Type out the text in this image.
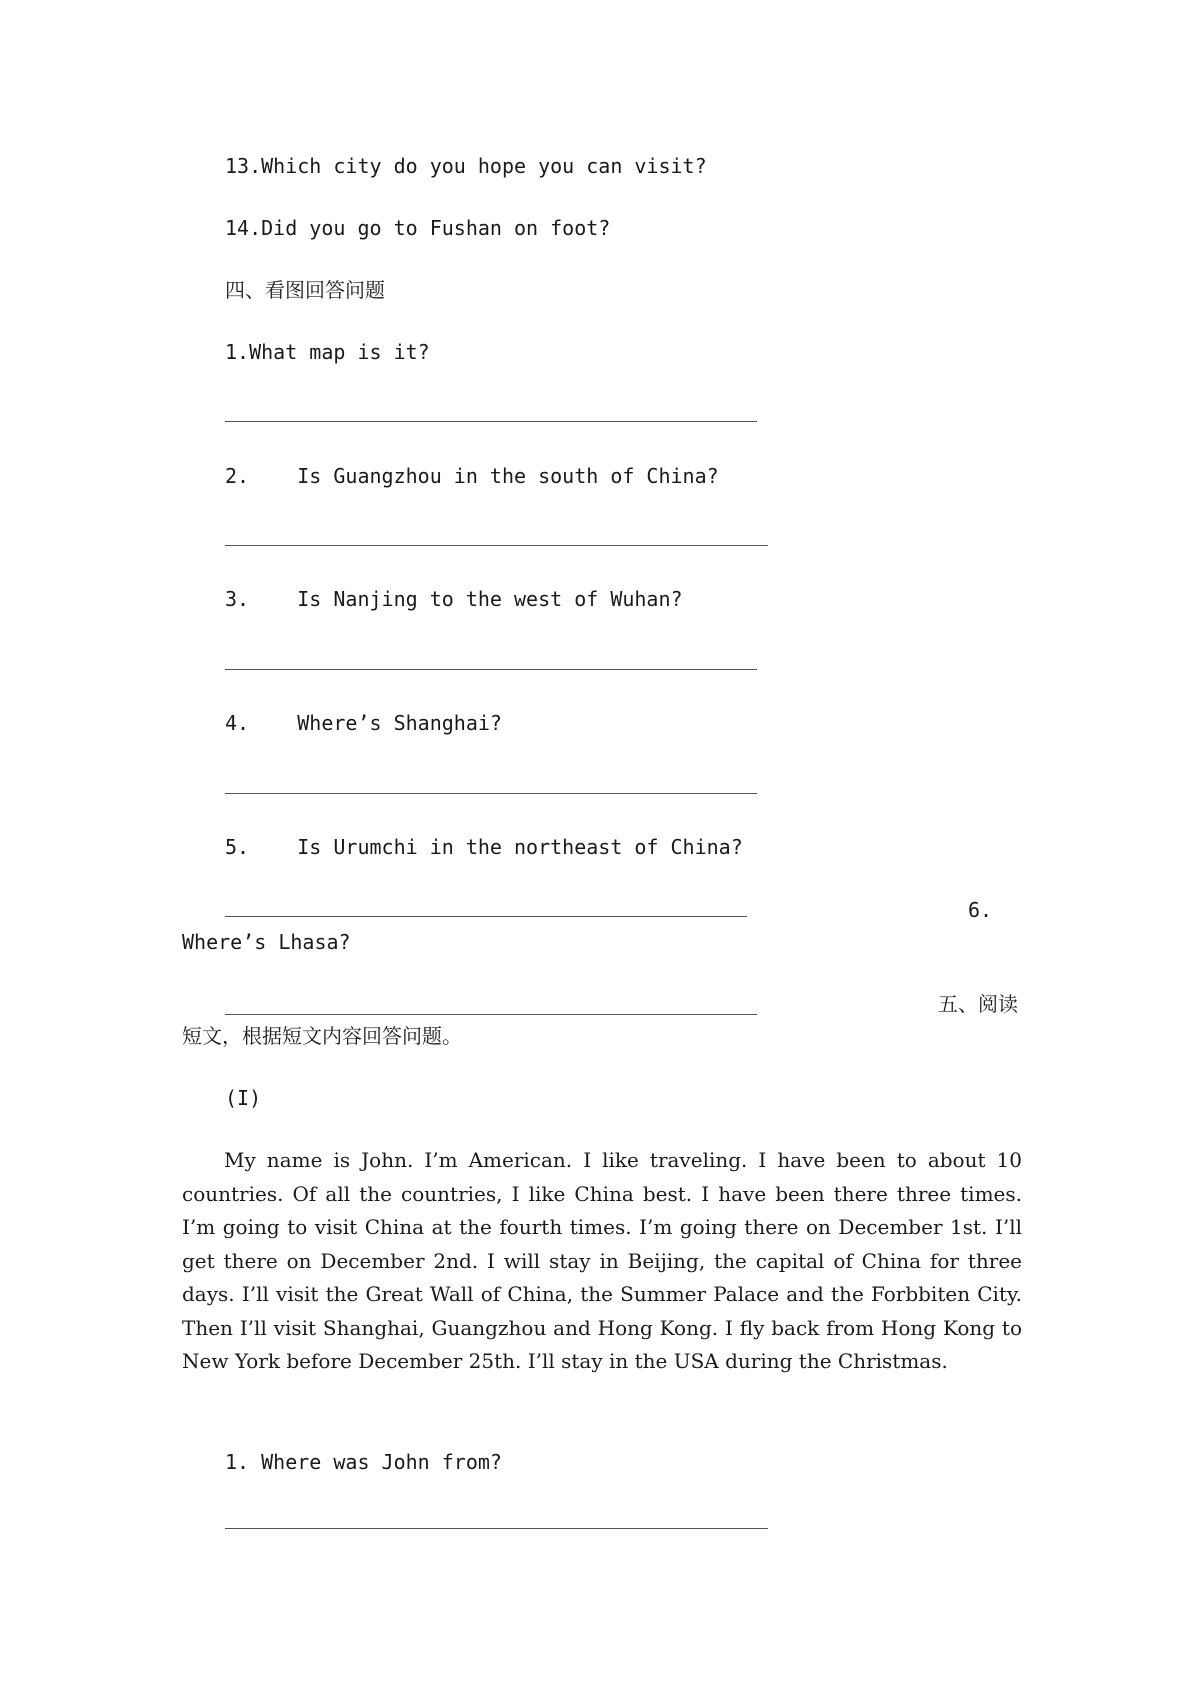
13.Which city do you hope you can visit?
14.Did you go to Fushan on foot?
四、看图回答问题
1.What map is it?
2.    Is Guangzhou in the south of China?
3.    Is Nanjing to the west of Wuhan?
4.    Where’s Shanghai?
5.    Is Urumchi in the northeast of China?
6.
Where’s Lhasa?
五、阅读
短文，根据短文内容回答问题。
(I)
My name is John. I’m American. I like traveling. I have been to about 10 countries. Of all the countries, I like China best. I have been there three times. I’m going to visit China at the fourth times. I’m going there on December 1st. I’ll get there on December 2nd. I will stay in Beijing, the capital of China for three days. I’ll visit the Great Wall of China, the Summer Palace and the Forbbiten City. Then I’ll visit Shanghai, Guangzhou and Hong Kong. I fly back from Hong Kong to New York before December 25th. I’ll stay in the USA during the Christmas.
1. Where was John from?
